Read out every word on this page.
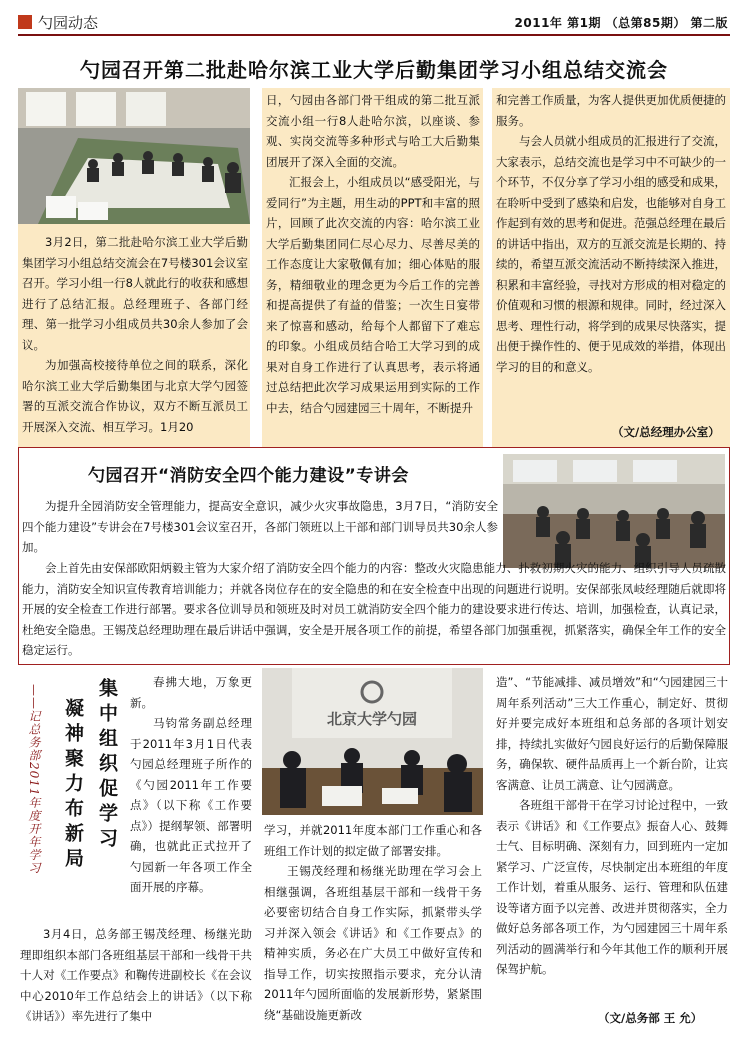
勺园动态	2011年 第1期 （总第85期） 第二版
勺园召开第二批赴哈尔滨工业大学后勤集团学习小组总结交流会

3月2日，第二批赴哈尔滨工业大学后勤集团学习小组总结交流会在7号楼301会议室召开。学习小组一行8人就此行的收获和感想进行了总结汇报。总经理班子、各部门经理、第一批学习小组成员共30余人参加了会议。

为加强高校接待单位之间的联系，深化哈尔滨工业大学后勤集团与北京大学勺园签署的互派交流合作协议，双方不断互派员工开展深入交流、相互学习。1月20

日，勺园由各部门骨干组成的第二批互派交流小组一行8人赴哈尔滨，以座谈、参观、实岗交流等多种形式与哈工大后勤集团展开了深入全面的交流。

汇报会上，小组成员以“感受阳光，与爱同行”为主题，用生动的PPT和丰富的照片，回顾了此次交流的内容：哈尔滨工业大学后勤集团同仁尽心尽力、尽善尽美的工作态度让大家敬佩有加；细心体贴的服务，精细敬业的理念更为今后工作的完善和提高提供了有益的借鉴；一次生日宴带来了惊喜和感动，给每个人都留下了难忘的印象。小组成员结合哈工大学习到的成果对自身工作进行了认真思考，表示将通过总结把此次学习成果运用到实际的工作中去，结合勺园建园三十周年，不断提升

和完善工作质量，为客人提供更加优质便捷的服务。

与会人员就小组成员的汇报进行了交流，大家表示，总结交流也是学习中不可缺少的一个环节，不仅分享了学习小组的感受和成果，在聆听中受到了感染和启发，也能够对自身工作起到有效的思考和促进。范强总经理在最后的讲话中指出，双方的互派交流是长期的、持续的，希望互派交流活动不断持续深入推进，积累和丰富经验，寻找对方形成的相对稳定的价值观和习惯的根源和规律。同时，经过深入思考、理性行动，将学到的成果尽快落实，提出便于操作性的、便于见成效的举措，体现出学习的目的和意义。

（文/总经理办公室）
勺园召开“消防安全四个能力建设”专讲会

为提升全园消防安全管理能力，提高安全意识，减少火灾事故隐患，3月7日，“消防安全四个能力建设”专讲会在7号楼301会议室召开，各部门领班以上干部和部门训导员共30余人参加。

会上首先由安保部欧阳炳毅主管为大家介绍了消防安全四个能力的内容：整改火灾隐患能力、扑救初期火灾的能力、组织引导人员疏散能力，消防安全知识宣传教育培训能力；并就各岗位存在的安全隐患的和在安全检查中出现的问题进行说明。安保部张凤岐经理随后就即将开展的安全检查工作进行部署。要求各位训导员和领班及时对员工就消防安全四个能力的建设要求进行传达、培训，加强检查，认真记录，杜绝安全隐患。王锡茂总经理助理在最后讲话中强调，安全是开展各项工作的前提，希望各部门加强重视，抓紧落实，确保全年工作的安全稳定运行。

集中组织促学习
凝神聚力布新局
——记总务部2011年度开年学习

春拂大地，万象更新。

马钧常务副总经理于2011年3月1日代表勺园总经理班子所作的《勺园2011年工作要点》（以下称《工作要点》）提纲挈领、部署明确，也就此正式拉开了勺园新一年各项工作全面开展的序幕。

3月4日，总务部王锡茂经理、杨继光助理即组织本部门各班组基层干部和一线骨干共十人对《工作要点》和鞠传进副校长《在会议中心2010年工作总结会上的讲话》（以下称《讲话》）率先进行了集中

北京大学勺园

学习，并就2011年度本部门工作重心和各班组工作计划的拟定做了部署安排。

王锡茂经理和杨继光助理在学习会上相继强调，各班组基层干部和一线骨干务必要密切结合自身工作实际，抓紧带头学习并深入领会《讲话》和《工作要点》的精神实质，务必在广大员工中做好宣传和指导工作，切实按照指示要求，充分认清2011年勺园所面临的发展新形势，紧紧围绕“基础设施更新改

造”、“节能减排、减员增效”和“勺园建园三十周年系列活动”三大工作重心，制定好、贯彻好并要完成好本班组和总务部的各项计划安排，持续扎实做好勺园良好运行的后勤保障服务，确保软、硬件品质再上一个新台阶，让宾客满意、让员工满意、让勺园满意。

各班组干部骨干在学习讨论过程中，一致表示《讲话》和《工作要点》振奋人心、鼓舞士气、目标明确、深刻有力，回到班内一定加紧学习、广泛宣传，尽快制定出本班组的年度工作计划，着重从服务、运行、管理和队伍建设等诸方面予以完善、改进并贯彻落实，全力做好总务部各项工作，为勺园建园三十周年系列活动的圆满举行和今年其他工作的顺利开展保驾护航。

（文/总务部 王 允）
